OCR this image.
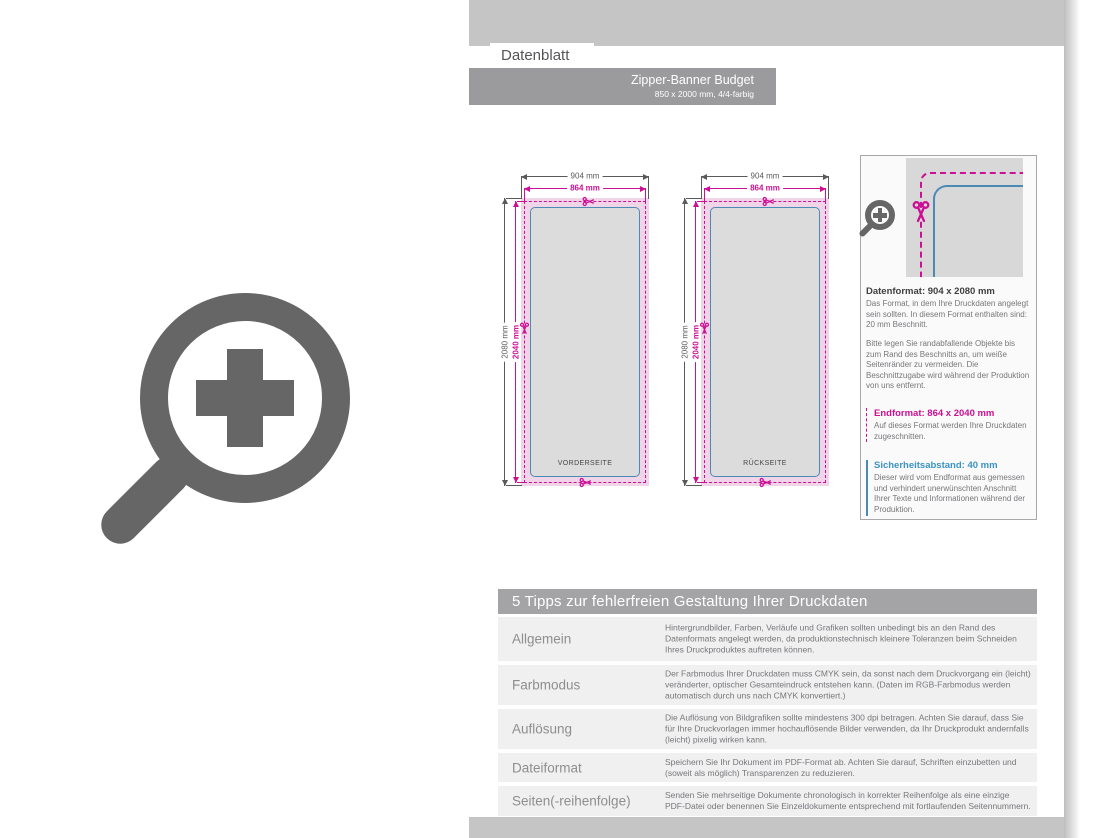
Datenblatt
Zipper-Banner Budget
850 x 2000 mm, 4/4-farbig
VORDERSEITE
904 mm
864 mm
2080 mm 2040 mm
RÜCKSEITE
904 mm
864 mm
2080 mm 2040 mm
Datenformat: 904 x 2080 mm

Das Format, in dem Ihre Druckdaten angelegt sein sollten. In diesem Format enthalten sind: 20 mm Beschnitt.

Bitte legen Sie randabfallende Objekte bis zum Rand des Beschnitts an, um weiße Seitenränder zu vermeiden. Die Beschnittzugabe wird während der Produktion von uns entfernt.

Endformat: 864 x 2040 mm

Auf dieses Format werden Ihre Druckdaten zugeschnitten.

Sicherheitsabstand: 40 mm

Dieser wird vom Endformat aus gemessen und verhindert unerwünschten Anschnitt Ihrer Texte und Informationen während der Produktion.

5 Tipps zur fehlerfreien Gestaltung Ihrer Druckdaten
Allgemein
Hintergrundbilder, Farben, Verläufe und Grafiken sollten unbedingt bis an den Rand des Datenformats angelegt werden, da produktionstechnisch kleinere Toleranzen beim Schneiden Ihres Druckproduktes auftreten können.
Farbmodus
Der Farbmodus Ihrer Druckdaten muss CMYK sein, da sonst nach dem Druckvorgang ein (leicht) veränderter, optischer Gesamteindruck entstehen kann. (Daten im RGB-Farbmodus werden automatisch durch uns nach CMYK konvertiert.)
Auflösung
Die Auflösung von Bildgrafiken sollte mindestens 300 dpi betragen. Achten Sie darauf, dass Sie für Ihre Druckvorlagen immer hochauflösende Bilder verwenden, da Ihr Druckprodukt andernfalls (leicht) pixelig wirken kann.
Dateiformat	Speichern Sie Ihr Dokument im PDF-Format ab. Achten Sie darauf, Schriften einzubetten und (soweit als möglich) Transparenzen zu reduzieren.
Seiten(-reihenfolge)	Senden Sie mehrseitige Dokumente chronologisch in korrekter Reihenfolge als eine einzige PDF-Datei oder benennen Sie Einzeldokumente entsprechend mit fortlaufenden Seitennummern.
